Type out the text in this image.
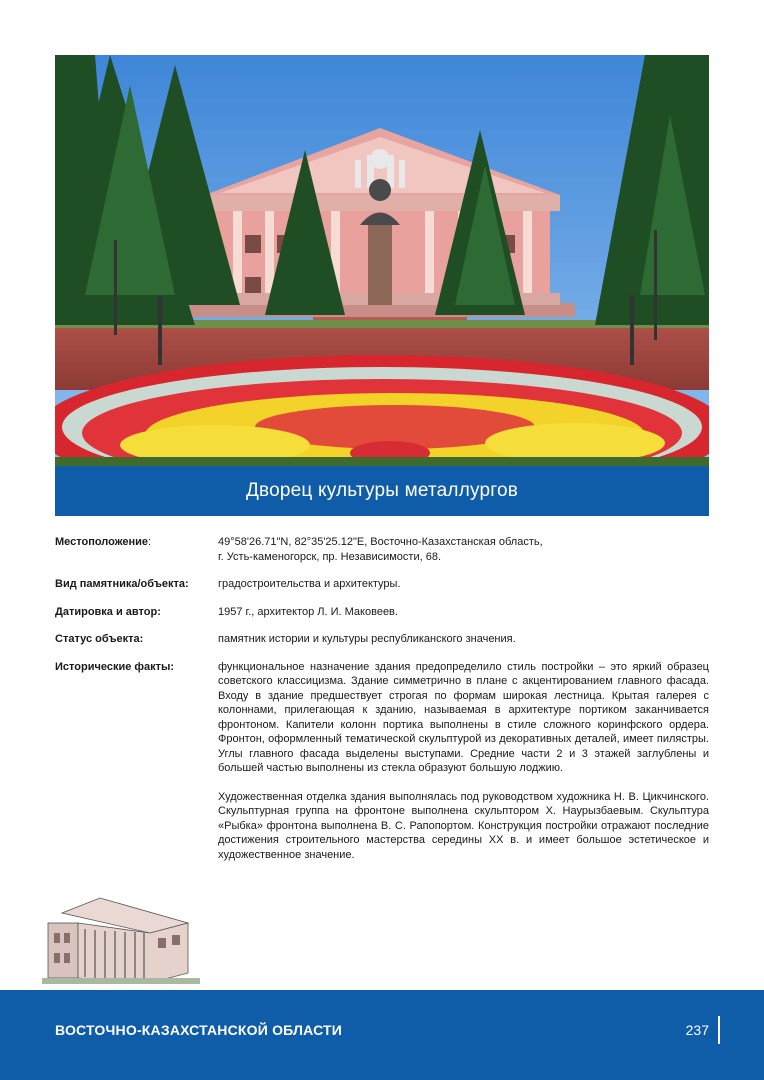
Дворец культуры металлургов
Местоположение:	49°58'26.71"N, 82°35'25.12"E, Восточно-Казахстанская область,
г. Усть-каменогорск, пр. Независимости, 68.
Вид памятника/объекта:	градостроительства и архитектуры.
Датировка и автор:	1957 г., архитектор Л. И. Маковеев.
Статус объекта:	памятник истории и культуры республиканского значения.
Исторические факты:	функциональное назначение здания предопределило стиль постройки – это яркий образец советского классицизма. Здание симметрично в плане с акцентированием главного фасада. Входу в здание предшествует строгая по формам широкая лестница. Крытая галерея с колоннами, прилегающая к зданию, называемая в архитектуре портиком заканчивается фронтоном. Капители колонн портика выполнены в стиле сложного коринфского ордера. Фронтон, оформленный тематической скульптурой из декоративных деталей, имеет пилястры. Углы главного фасада выделены выступами. Средние части 2 и 3 этажей заглублены и большей частью выполнены из стекла образуют большую лоджию.

Художественная отделка здания выполнялась под руководством художника Н. В. Цикчинского. Скульптурная группа на фронтоне выполнена скульптором Х. Наурызбаевым. Скульптура «Рыбка» фронтона выполнена В. С. Рапопортом. Конструкция постройки отражают последние достижения строительного мастерства середины XX в. и имеет большое эстетическое и художественное значение.

ВОСТОЧНО-КАЗАХСТАНСКОЙ ОБЛАСТИ	237
